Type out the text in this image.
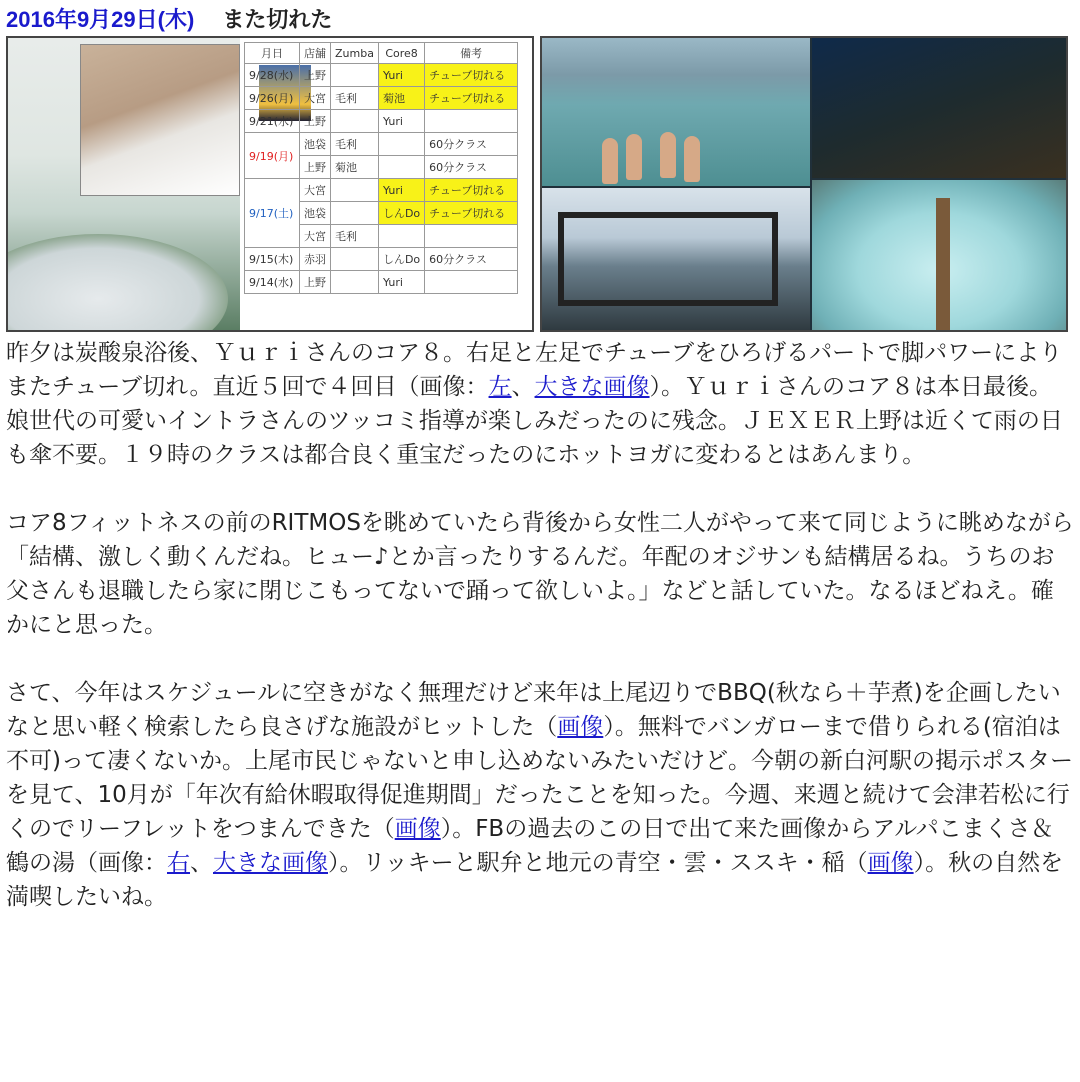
2016年9月29日(木) また切れた
月日	店舗	Zumba	Core8	備考
9/28(水)	上野		Yuri	チューブ切れる
9/26(月)	大宮	毛利	菊池	チューブ切れる
9/21(水)	上野		Yuri	
9/19(月)	池袋	毛利		60分クラス
	上野	菊池		60分クラス
9/17(土)	大宮		Yuri	チューブ切れる
	池袋		しんDo	チューブ切れる
	大宮	毛利		
9/15(木)	赤羽		しんDo	60分クラス
9/14(水)	上野		Yuri	

昨夕は炭酸泉浴後、Ｙｕｒｉさんのコア８。右足と左足でチューブをひろげるパートで脚パワーによりまたチューブ切れ。直近５回で４回目（画像：左、大きな画像）。Ｙｕｒｉさんのコア８は本日最後。娘世代の可愛いイントラさんのツッコミ指導が楽しみだったのに残念。ＪＥＸＥＲ上野は近くて雨の日も傘不要。１９時のクラスは都合良く重宝だったのにホットヨガに変わるとはあんまり。

コア8フィットネスの前のRITMOSを眺めていたら背後から女性二人がやって来て同じように眺めながら「結構、激しく動くんだね。ヒュー♪とか言ったりするんだ。年配のオジサンも結構居るね。うちのお父さんも退職したら家に閉じこもってないで踊って欲しいよ。」などと話していた。なるほどねえ。確かにと思った。

さて、今年はスケジュールに空きがなく無理だけど来年は上尾辺りでBBQ(秋なら＋芋煮)を企画したいなと思い軽く検索したら良さげな施設がヒットした（画像）。無料でバンガローまで借りられる(宿泊は不可)って凄くないか。上尾市民じゃないと申し込めないみたいだけど。今朝の新白河駅の掲示ポスターを見て、10月が「年次有給休暇取得促進期間」だったことを知った。今週、来週と続けて会津若松に行くのでリーフレットをつまんできた（画像）。FBの過去のこの日で出て来た画像からアルパこまくさ＆鶴の湯（画像：右、大きな画像）。リッキーと駅弁と地元の青空・雲・ススキ・稲（画像）。秋の自然を満喫したいね。
